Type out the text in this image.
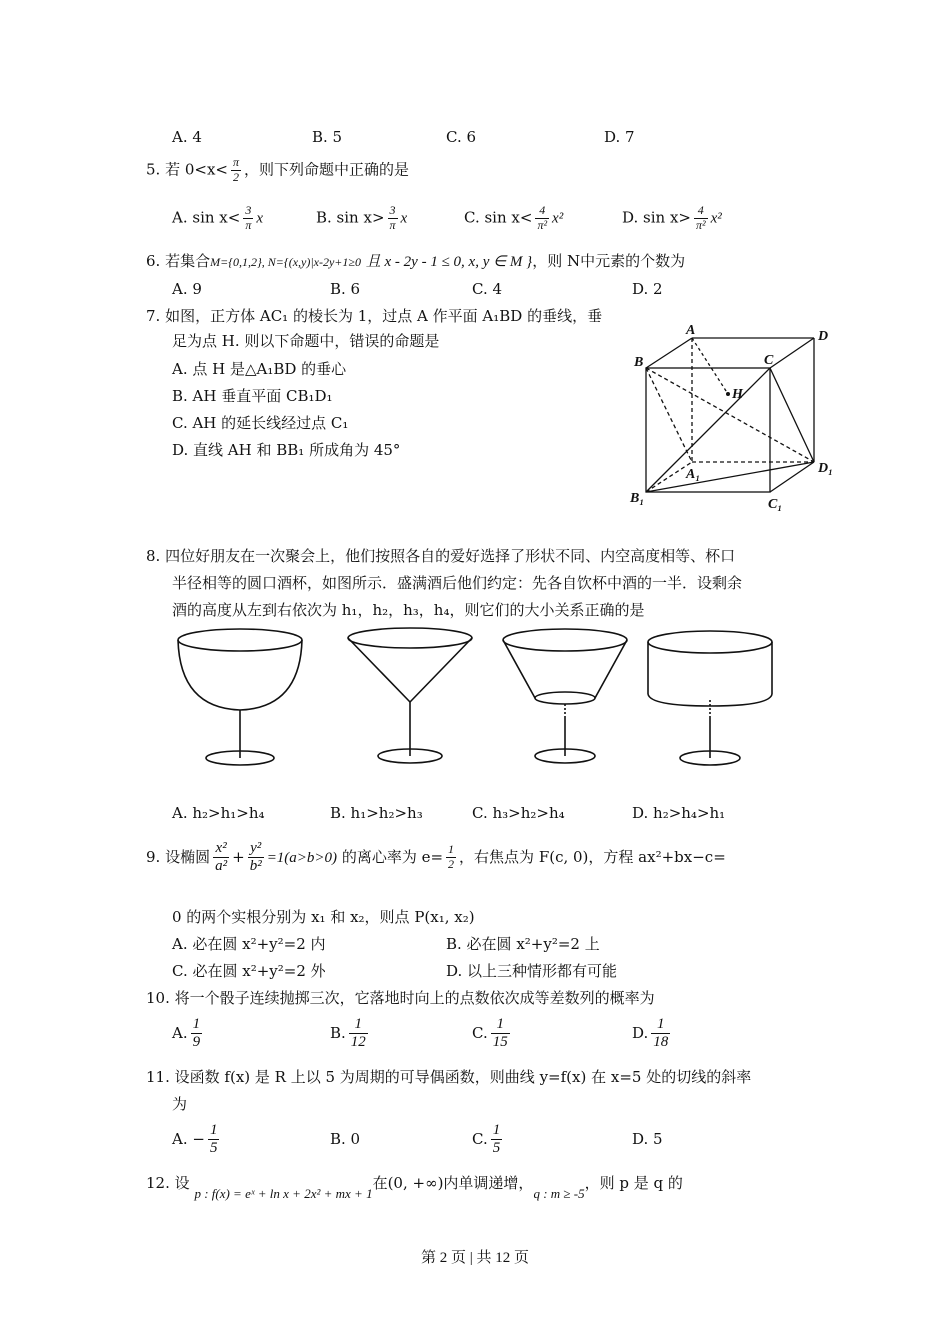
A. 4	B. 5	C. 6	D. 7
5. 若 $0<x< \frac{\pi}{2}$ ，则下列命题中正确的是
A. $\sin x< \frac{3}{\pi}$ x	B. $\sin x> \frac{3}{\pi}$ x	C. $\sin x< \frac{4}{\text{π²}} x^2$	D. $\sin x> \frac{4}{\text{π²}} x^2$
6. 若集合M={0,1,2}, N={(x,y)|x-2y+1≥0 且 x - 2y - 1 ≤ 0, x, y ∈ M }，则 N中元素的个数为
A. 9	B. 6	C. 4	D. 2
7. 如图，正方体 AC₁ 的棱长为 1，过点 A 作平面 A₁BD 的垂线，垂
足为点 H. 则以下命题中，错误的命题是
A. 点 H 是△A₁BD 的垂心
B. AH 垂直平面 CB₁D₁
C. AH 的延长线经过点 C₁
D. 直线 AH 和 BB₁ 所成角为 45°
A
B	C
D
H
A₁
B₁	C₁
D₁
8. 四位好朋友在一次聚会上，他们按照各自的爱好选择了形状不同、内空高度相等、杯口
半径相等的圆口酒杯，如图所示．盛满酒后他们约定：先各自饮杯中酒的一半．设剩余
酒的高度从左到右依次为 h₁，h₂，h₃，h₄，则它们的大小关系正确的是
A. h₂>h₁>h₄	B. h₁>h₂>h₃	C. h₃>h₂>h₄	D. h₂>h₄>h₁
9. 设椭圆 $\frac{\text{x²}}{\text{a²}} + \frac{\text{y²}}{\text{b²}} =1(a>b>0)$ 的离心率为 $e= \frac{1}{2}$ ，右焦点为 F(c, 0)，方程 ax²+bx−c=
0 的两个实根分别为 x₁ 和 x₂，则点 P(x₁, x₂)
A. 必在圆 x²+y²=2 内	B. 必在圆 x²+y²=2 上
C. 必在圆 x²+y²=2 外	D. 以上三种情形都有可能
10. 将一个骰子连续抛掷三次，它落地时向上的点数依次成等差数列的概率为
A. $\frac{1}{9}$	B. $\frac{1}{12}$	C. $\frac{1}{15}$	D. $\frac{1}{18}$
11. 设函数 f(x) 是 R 上以 5 为周期的可导偶函数，则曲线 y=f(x) 在 x=5 处的切线的斜率
为
A. − $\frac{1}{5}$	B. 0	C. $\frac{1}{5}$	D. 5
12. 设 p : f(x) = eˣ + ln x + 2x² + mx + 1在(0, +∞)内单调递增，q : m ≥ -5，则 p 是 q 的
第 2 页 | 共 12 页
